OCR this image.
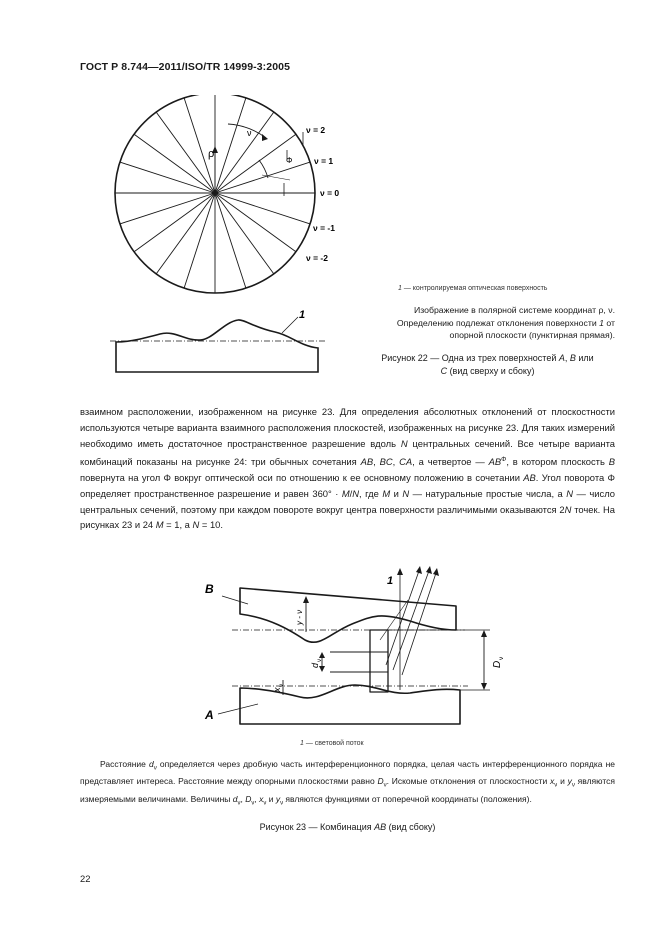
ГОСТ Р 8.744—2011/ISO/TR 14999-3:2005
ρ
ν
Φ
ν = 2
ν = 1
ν = 0
ν = -1
ν = -2
1
1 — контролируемая оптическая поверхность
Изображение в полярной системе координат ρ, ν. Определению подлежат отклонения поверхности 1 от опорной плоскости (пунктирная прямая).
Рисунок 22 — Одна из трех поверхностей A, B или
C (вид сверху и сбоку)
взаимном расположении, изображенном на рисунке 23. Для определения абсолютных отклонений от плоскостности используются четыре варианта взаимного расположения плоскостей, изображенных на рисунке 23. Для таких измерений необходимо иметь достаточное пространственное разрешение вдоль N центральных сечений. Все четыре варианта комбинаций показаны на рисунке 24: три обычных сочетания AB, BC, CA, а четвертое — $AB^\Phi$, в котором плоскость B повернута на угол Φ вокруг оптической оси по отношению к ее основному положению в сочетании AB. Угол поворота Φ определяет пространственное разрешение и равен 360° · M/N, где M и N — натуральные простые числа, а N — число центральных сечений, поэтому при каждом повороте вокруг центра поверхности различимыми оказываются 2N точек. На рисунках 23 и 24 M = 1, а N = 10.
B
A
1
y - ν
d
ν
x
ν
D
ν
1 — световой поток
Расстояние $d_\nu$ определяется через дробную часть интерференционного порядка, целая часть интерференционного порядка не представляет интереса. Расстояние между опорными плоскостями равно $D_\nu$. Искомые отклонения от плоскостности $x_\nu$ и $y_\nu$ являются измеряемыми величинами. Величины $d_\nu$, $D_\nu$, $x_\nu$ и $y_\nu$ являются функциями от поперечной координаты (положения).
Рисунок 23 — Комбинация AB (вид сбоку)
22
